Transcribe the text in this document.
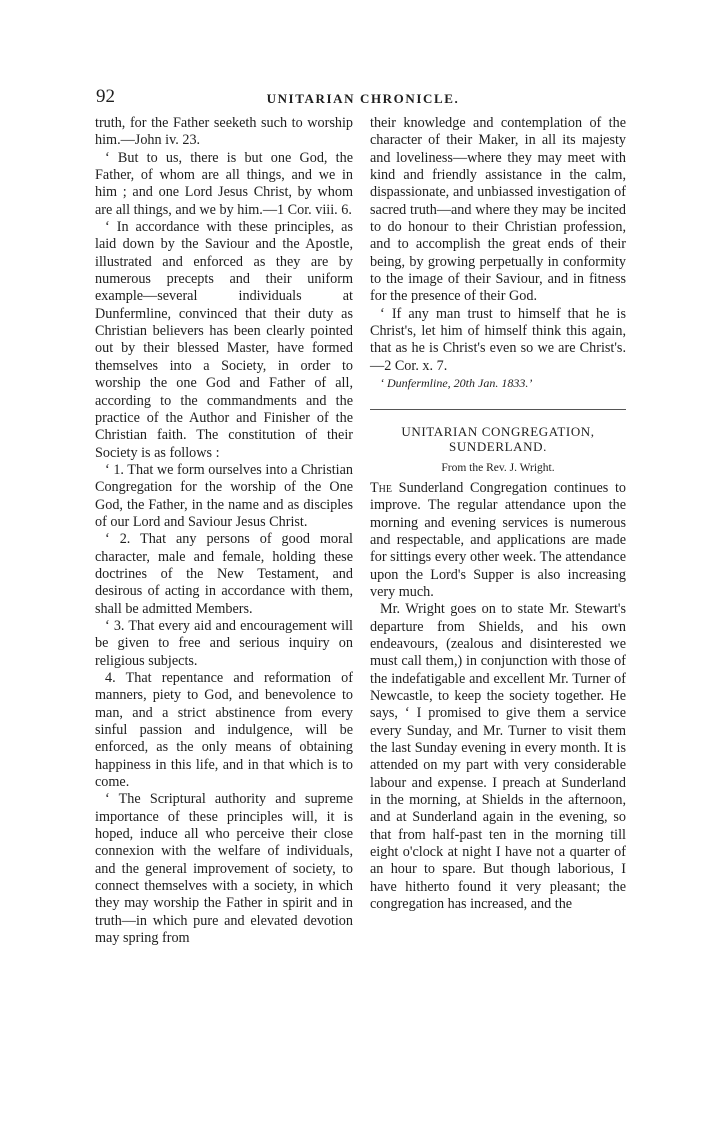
92	UNITARIAN CHRONICLE.

truth, for the Father seeketh such to worship him.—John iv. 23.

‘ But to us, there is but one God, the Father, of whom are all things, and we in him ; and one Lord Jesus Christ, by whom are all things, and we by him.—1 Cor. viii. 6.

‘ In accordance with these principles, as laid down by the Saviour and the Apostle, illustrated and enforced as they are by numerous precepts and their uniform example—several individuals at Dunfermline, convinced that their duty as Christian believers has been clearly pointed out by their blessed Master, have formed themselves into a Society, in order to worship the one God and Father of all, according to the commandments and the practice of the Author and Finisher of the Christian faith. The constitution of their Society is as follows :

‘ 1. That we form ourselves into a Christian Congregation for the worship of the One God, the Father, in the name and as disciples of our Lord and Saviour Jesus Christ.

‘ 2. That any persons of good moral character, male and female, holding these doctrines of the New Testament, and desirous of acting in accordance with them, shall be admitted Members.

‘ 3. That every aid and encouragement will be given to free and serious inquiry on religious subjects.

4. That repentance and reformation of manners, piety to God, and benevolence to man, and a strict abstinence from every sinful passion and indulgence, will be enforced, as the only means of obtaining happiness in this life, and in that which is to come.

‘ The Scriptural authority and supreme importance of these principles will, it is hoped, induce all who perceive their close connexion with the welfare of individuals, and the general improvement of society, to connect themselves with a society, in which they may worship the Father in spirit and in truth—in which pure and elevated devotion may spring from

their knowledge and contemplation of the character of their Maker, in all its majesty and loveliness—where they may meet with kind and friendly assistance in the calm, dispassionate, and unbiassed investigation of sacred truth—and where they may be incited to do honour to their Christian profession, and to accomplish the great ends of their being, by growing perpetually in conformity to the image of their Saviour, and in fitness for the presence of their God.

‘ If any man trust to himself that he is Christ's, let him of himself think this again, that as he is Christ's even so we are Christ's.—2 Cor. x. 7.

‘ Dunfermline, 20th Jan. 1833.’

UNITARIAN CONGREGATION,
SUNDERLAND.

From the Rev. J. Wright.

The Sunderland Congregation continues to improve. The regular attendance upon the morning and evening services is numerous and respectable, and applications are made for sittings every other week. The attendance upon the Lord's Supper is also increasing very much.

Mr. Wright goes on to state Mr. Stewart's departure from Shields, and his own endeavours, (zealous and disinterested we must call them,) in conjunction with those of the indefatigable and excellent Mr. Turner of Newcastle, to keep the society together. He says, ‘ I promised to give them a service every Sunday, and Mr. Turner to visit them the last Sunday evening in every month. It is attended on my part with very considerable labour and expense. I preach at Sunderland in the morning, at Shields in the afternoon, and at Sunderland again in the evening, so that from half-past ten in the morning till eight o'clock at night I have not a quarter of an hour to spare. But though laborious, I have hitherto found it very pleasant; the congregation has increased, and the
